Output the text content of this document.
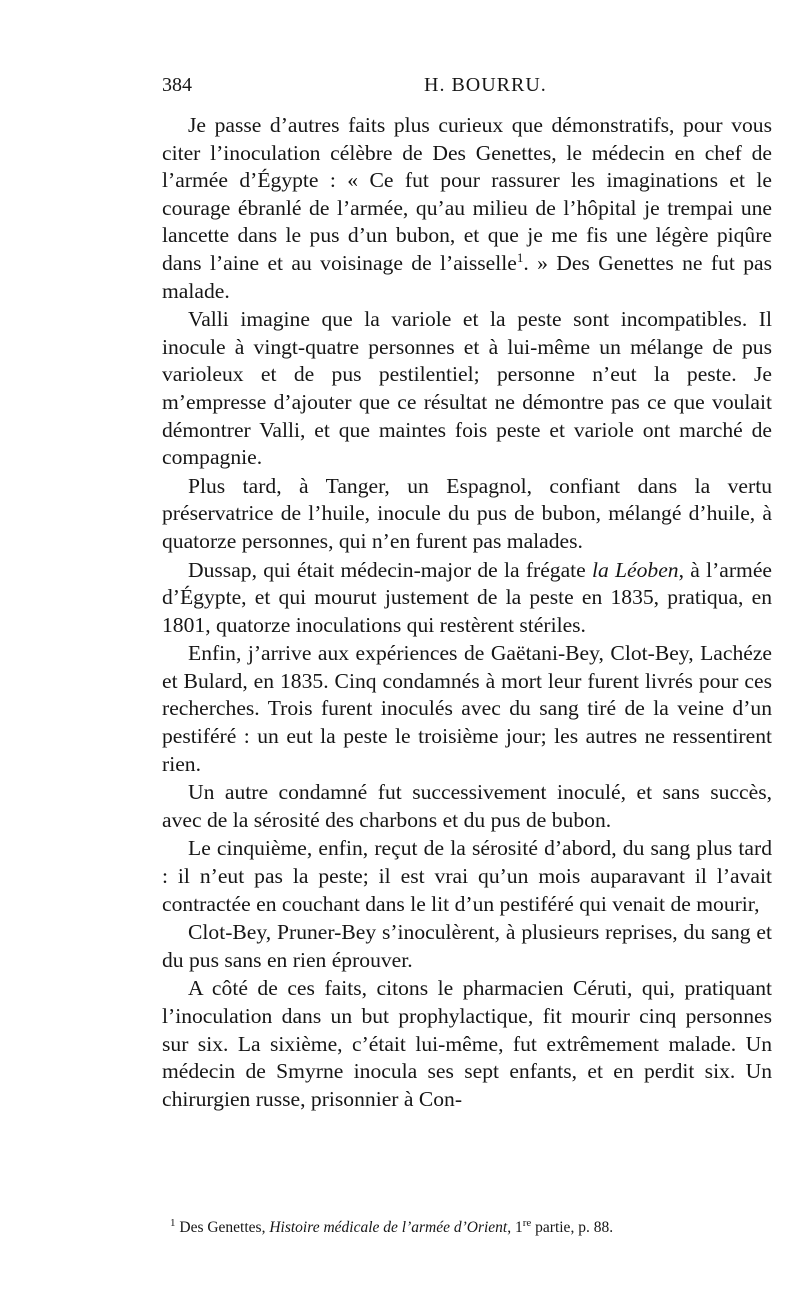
384	H. BOURRU.

Je passe d’autres faits plus curieux que démonstratifs, pour vous citer l’inoculation célèbre de Des Genettes, le médecin en chef de l’armée d’Égypte : « Ce fut pour rassurer les imaginations et le courage ébranlé de l’armée, qu’au milieu de l’hôpital je trempai une lancette dans le pus d’un bubon, et que je me fis une légère piqûre dans l’aine et au voisinage de l’aisselle$^1$. » Des Genettes ne fut pas malade.

Valli imagine que la variole et la peste sont incompatibles. Il inocule à vingt-quatre personnes et à lui-même un mélange de pus varioleux et de pus pestilentiel; personne n’eut la peste. Je m’empresse d’ajouter que ce résultat ne démontre pas ce que voulait démontrer Valli, et que maintes fois peste et variole ont marché de compagnie.

Plus tard, à Tanger, un Espagnol, confiant dans la vertu préservatrice de l’huile, inocule du pus de bubon, mélangé d’huile, à quatorze personnes, qui n’en furent pas malades.

Dussap, qui était médecin-major de la frégate la Léoben, à l’armée d’Égypte, et qui mourut justement de la peste en 1835, pratiqua, en 1801, quatorze inoculations qui restèrent stériles.

Enfin, j’arrive aux expériences de Gaëtani-Bey, Clot-Bey, Lachéze et Bulard, en 1835. Cinq condamnés à mort leur furent livrés pour ces recherches. Trois furent inoculés avec du sang tiré de la veine d’un pestiféré : un eut la peste le troisième jour; les autres ne ressentirent rien.

Un autre condamné fut successivement inoculé, et sans succès, avec de la sérosité des charbons et du pus de bubon.

Le cinquième, enfin, reçut de la sérosité d’abord, du sang plus tard : il n’eut pas la peste; il est vrai qu’un mois auparavant il l’avait contractée en couchant dans le lit d’un pestiféré qui venait de mourir,

Clot-Bey, Pruner-Bey s’inoculèrent, à plusieurs reprises, du sang et du pus sans en rien éprouver.

A côté de ces faits, citons le pharmacien Céruti, qui, pratiquant l’inoculation dans un but prophylactique, fit mourir cinq personnes sur six. La sixième, c’était lui-même, fut extrêmement malade. Un médecin de Smyrne inocula ses sept enfants, et en perdit six. Un chirurgien russe, prisonnier à Con-

$^1$ Des Genettes, Histoire médicale de l’armée d’Orient, 1re partie, p. 88.
